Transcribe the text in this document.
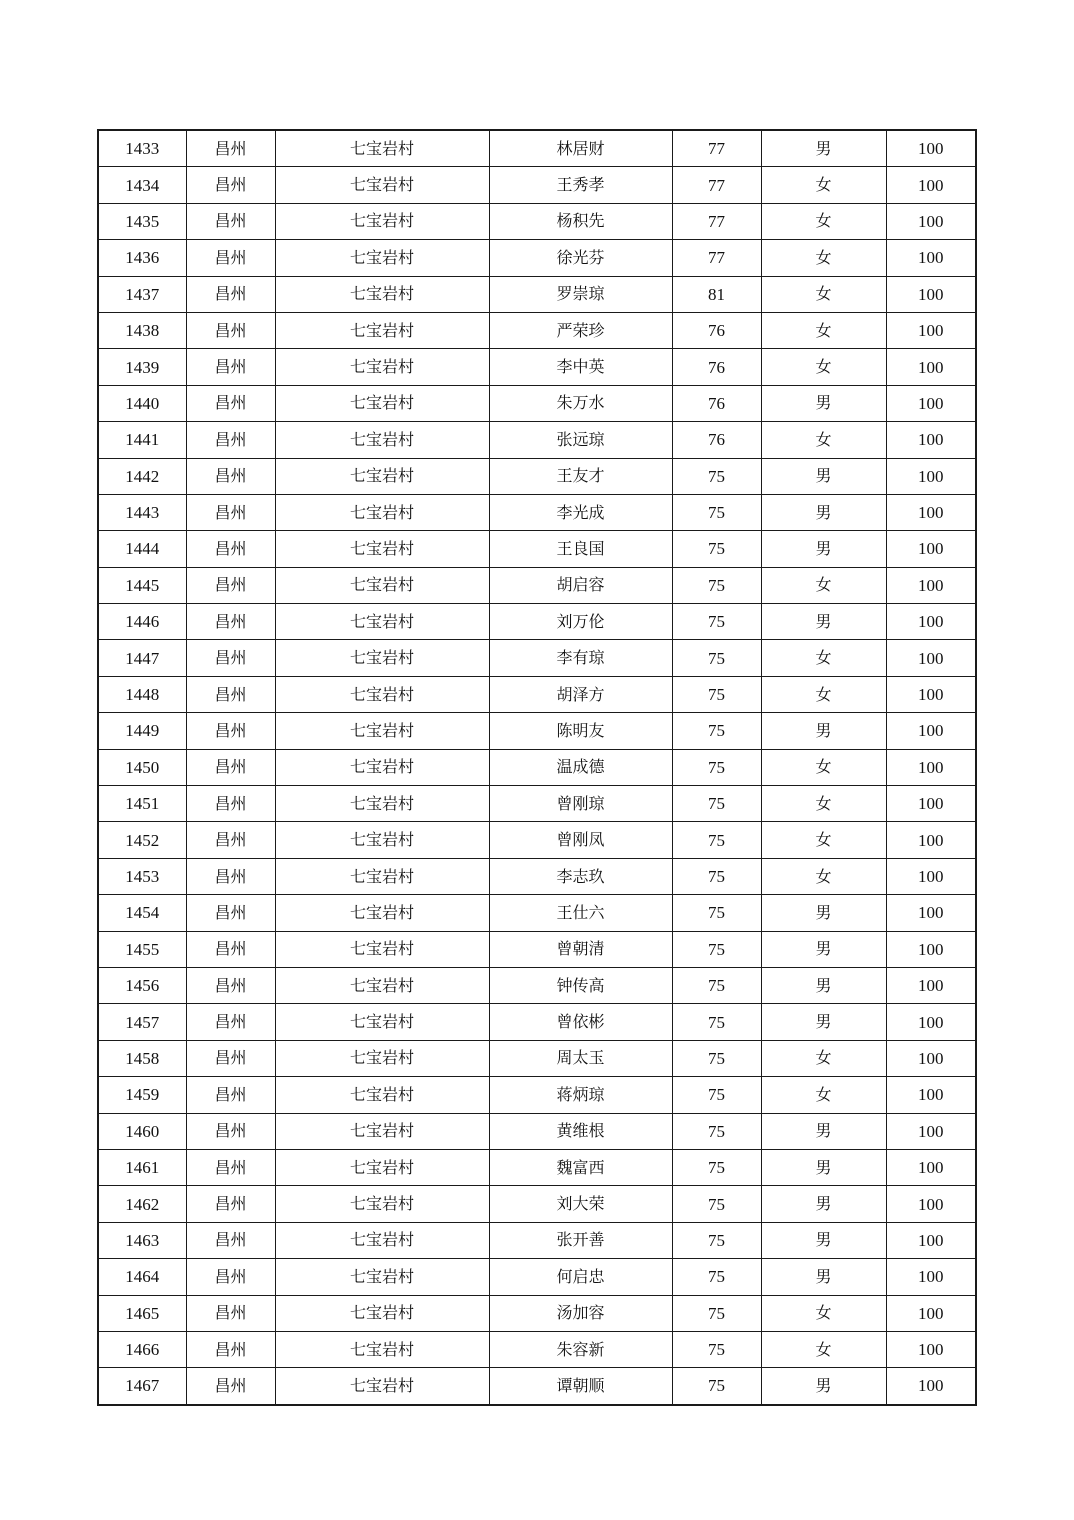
1433	昌州	七宝岩村	林居财	77	男	100
1434	昌州	七宝岩村	王秀孝	77	女	100
1435	昌州	七宝岩村	杨积先	77	女	100
1436	昌州	七宝岩村	徐光芬	77	女	100
1437	昌州	七宝岩村	罗崇琼	81	女	100
1438	昌州	七宝岩村	严荣珍	76	女	100
1439	昌州	七宝岩村	李中英	76	女	100
1440	昌州	七宝岩村	朱万水	76	男	100
1441	昌州	七宝岩村	张远琼	76	女	100
1442	昌州	七宝岩村	王友才	75	男	100
1443	昌州	七宝岩村	李光成	75	男	100
1444	昌州	七宝岩村	王良国	75	男	100
1445	昌州	七宝岩村	胡启容	75	女	100
1446	昌州	七宝岩村	刘万伦	75	男	100
1447	昌州	七宝岩村	李有琼	75	女	100
1448	昌州	七宝岩村	胡泽方	75	女	100
1449	昌州	七宝岩村	陈明友	75	男	100
1450	昌州	七宝岩村	温成德	75	女	100
1451	昌州	七宝岩村	曾刚琼	75	女	100
1452	昌州	七宝岩村	曾刚凤	75	女	100
1453	昌州	七宝岩村	李志玖	75	女	100
1454	昌州	七宝岩村	王仕六	75	男	100
1455	昌州	七宝岩村	曾朝清	75	男	100
1456	昌州	七宝岩村	钟传高	75	男	100
1457	昌州	七宝岩村	曾依彬	75	男	100
1458	昌州	七宝岩村	周太玉	75	女	100
1459	昌州	七宝岩村	蒋炳琼	75	女	100
1460	昌州	七宝岩村	黄维根	75	男	100
1461	昌州	七宝岩村	魏富西	75	男	100
1462	昌州	七宝岩村	刘大荣	75	男	100
1463	昌州	七宝岩村	张开善	75	男	100
1464	昌州	七宝岩村	何启忠	75	男	100
1465	昌州	七宝岩村	汤加容	75	女	100
1466	昌州	七宝岩村	朱容新	75	女	100
1467	昌州	七宝岩村	谭朝顺	75	男	100
